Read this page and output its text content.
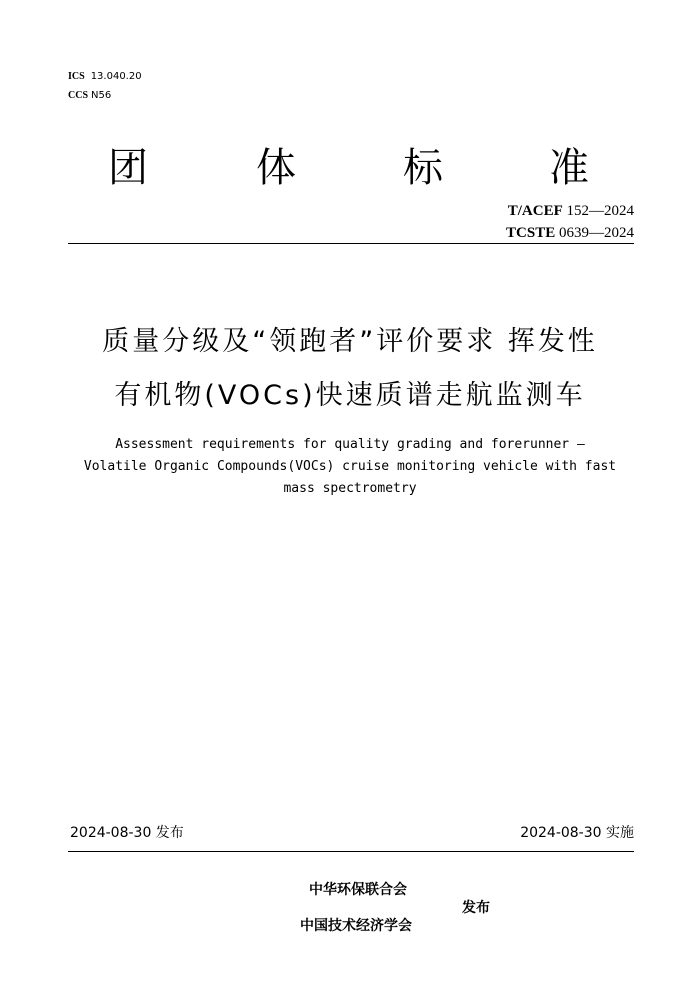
ICS 13.040.20
CCS N56
团	体	标	准
T/ACEF 152—2024
TCSTE 0639—2024
质量分级及“领跑者”评价要求 挥发性
有机物(VOCs)快速质谱走航监测车
Assessment requirements for quality grading and forerunner —
Volatile Organic Compounds(VOCs) cruise monitoring vehicle with fast
mass spectrometry
2024-08-30 发布	2024-08-30 实施
中华环保联合会
中国技术经济学会
发布
